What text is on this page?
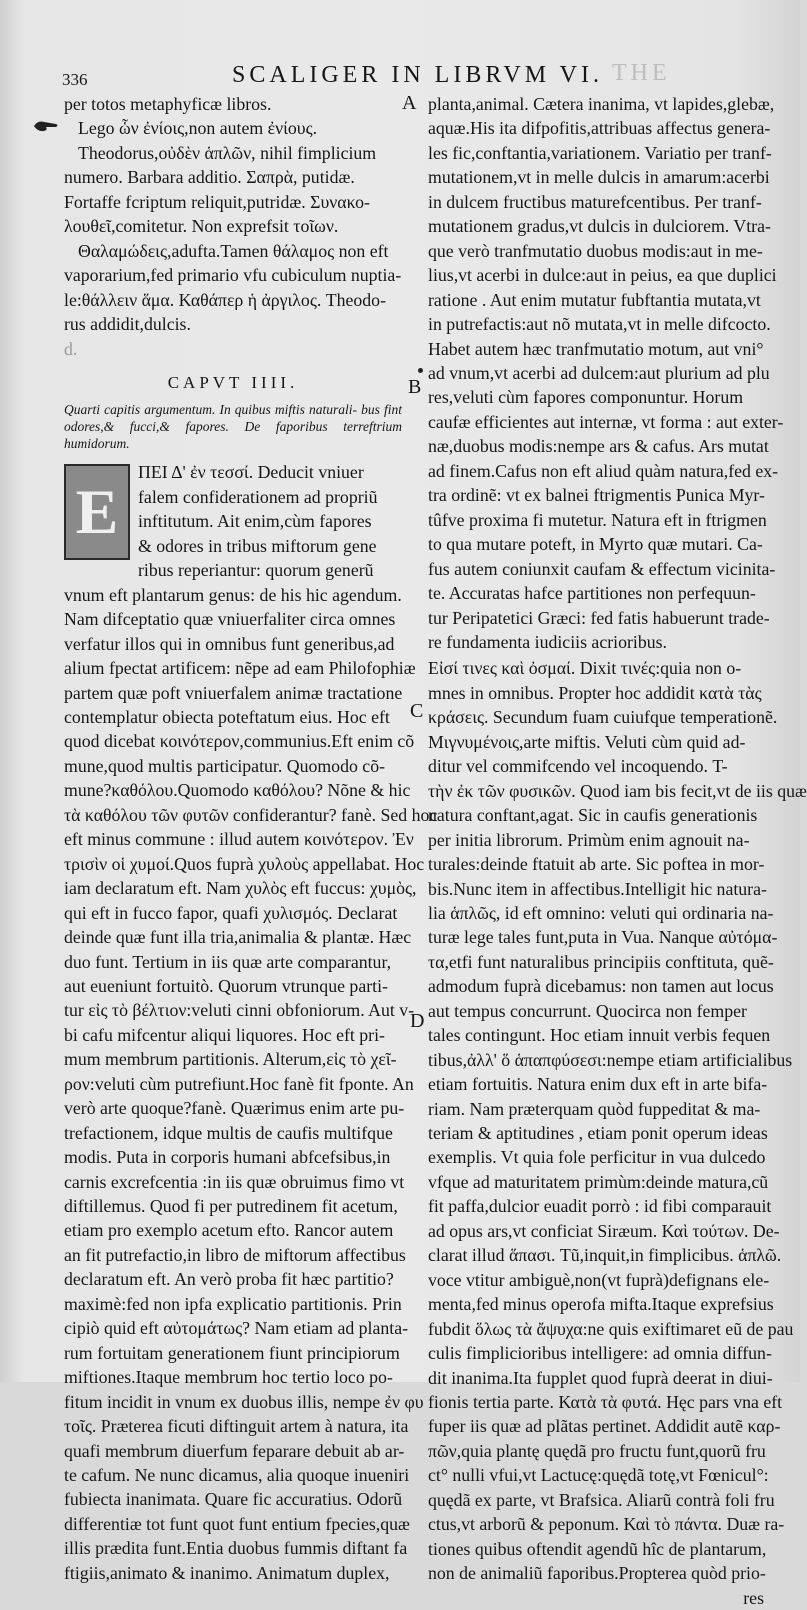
336	SCALIGER IN LIBRVM VI. THE
A
B
C
D

per totos metaphyficæ libros.

Lego ὧν ἐνίοις,non autem ἐνίους.

Theodorus,οὐδὲν ἁπλῶν, nihil fimplicium

numero. Barbara additio. Σαπρὰ, putidæ.

Fortaffe fcriptum reliquit,putridæ. Συνακο-

λουθεῖ,comitetur. Non exprefsit τοῖων.

Θαλαμώδεις,adufta.Tamen θάλαμος non eft

vaporarium,fed primario vfu cubiculum nuptia-

le:θάλλειν ἅμα. Καθάπερ ἡ ἀργιλος. Theodo-

rus addidit,dulcis.

d.

CAPVT IIII.
Quarti capitis argumentum. In quibus miftis naturali- bus fint odores,& fucci,& fapores. De faporibus terreftrium humidorum.
E

ΠΕΙ Δ' ἐν τεσσί. Deducit vniuer

falem confiderationem ad propriũ

inftitutum. Ait enim,cùm fapores

& odores in tribus miftorum gene

ribus reperiantur: quorum generũ

vnum eft plantarum genus: de his hic agendum.

Nam difceptatio quæ vniuerfaliter circa omnes

verfatur illos qui in omnibus funt generibus,ad

alium fpectat artificem: nẽpe ad eam Philofophiæ

partem quæ poft vniuerfalem animæ tractatione

contemplatur obiecta poteftatum eius. Hoc eft

quod dicebat κοινότερον,communius.Eft enim cõ

mune,quod multis participatur. Quomodo cõ-

mune?καθόλου.Quomodo καθόλου? Nõne & hic

τὰ καθόλου τῶν φυτῶν confiderantur? fanè. Sed hoc

eft minus commune : illud autem κοινότερον. Ἐν

τρισὶν οἱ χυμοί.Quos fuprà χυλοὺς appellabat. Hoc

iam declaratum eft. Nam χυλὸς eft fuccus: χυμὸς,

qui eft in fucco fapor, quafi χυλισμός. Declarat

deinde quæ funt illa tria,animalia & plantæ. Hæc

duo funt. Tertium in iis quæ arte comparantur,

aut eueniunt fortuitò. Quorum vtrunque parti-

tur εἰς τὸ βέλτιον:veluti cinni obfoniorum. Aut v-

bi cafu mifcentur aliqui liquores. Hoc eft pri-

mum membrum partitionis. Alterum,εἰς τὸ χεῖ-

ρον:veluti cùm putrefiunt.Hoc fanè fit fponte. An

verò arte quoque?fanè. Quærimus enim arte pu-

trefactionem, idque multis de caufis multifque

modis. Puta in corporis humani abfcefsibus,in

carnis excrefcentia :in iis quæ obruimus fimo vt

diftillemus. Quod fi per putredinem fit acetum,

etiam pro exemplo acetum efto. Rancor autem

an fit putrefactio,in libro de miftorum affectibus

declaratum eft. An verò proba fit hæc partitio?

maximè:fed non ipfa explicatio partitionis. Prin

cipiò quid eft αὐτομάτως? Nam etiam ad planta-

rum fortuitam generationem fiunt principiorum

miftiones.Itaque membrum hoc tertio loco po-

fitum incidit in vnum ex duobus illis, nempe ἐν φυ

τοῖς. Præterea ficuti diftinguit artem à natura, ita

quafi membrum diuerfum feparare debuit ab ar-

te cafum. Ne nunc dicamus, alia quoque inueniri

fubiecta inanimata. Quare fic accuratius. Odorũ

differentiæ tot funt quot funt entium fpecies,quæ

illis prædita funt.Entia duobus fummis diftant fa

ftigiis,animato & inanimo. Animatum duplex,

planta,animal. Cætera inanima, vt lapides,glebæ,

aquæ.His ita difpofitis,attribuas affectus genera-

les fic,conftantia,variationem. Variatio per tranf-

mutationem,vt in melle dulcis in amarum:acerbi

in dulcem fructibus maturefcentibus. Per tranf-

mutationem gradus,vt dulcis in dulciorem. Vtra-

que verò tranfmutatio duobus modis:aut in me-

lius,vt acerbi in dulce:aut in peius, ea que duplici

ratione . Aut enim mutatur fubftantia mutata,vt

in putrefactis:aut nõ mutata,vt in melle difcocto.

Habet autem hæc tranfmutatio motum, aut vni°

ad vnum,vt acerbi ad dulcem:aut plurium ad plu

res,veluti cùm fapores componuntur. Horum

caufæ efficientes aut internæ, vt forma : aut exter-

næ,duobus modis:nempe ars & cafus. Ars mutat

ad finem.Cafus non eft aliud quàm natura,fed ex-

tra ordinẽ: vt ex balnei ftrigmentis Punica Myr-

tûfve proxima fi mutetur. Natura eft in ftrigmen

to qua mutare poteft, in Myrto quæ mutari. Ca-

fus autem coniunxit caufam & effectum vicinita-

te. Accuratas hafce partitiones non perfequun-

tur Peripatetici Græci: fed fatis habuerunt trade-

re fundamenta iudiciis acrioribus.

Εἰσί τινες καὶ ὀσμαί. Dixit τινές:quia non o-

mnes in omnibus. Propter hoc addidit κατὰ τὰς

κράσεις. Secundum fuam cuiufque temperationẽ.

Μιγνυμένοις,arte miftis. Veluti cùm quid ad-

ditur vel commifcendo vel incoquendo. Τ-

τὴν ἐκ τῶν φυσικῶν. Quod iam bis fecit,vt de iis quæ

natura conftant,agat. Sic in caufis generationis

per initia librorum. Primùm enim agnouit na-

turales:deinde ftatuit ab arte. Sic poftea in mor-

bis.Nunc item in affectibus.Intelligit hic natura-

lia ἁπλῶς, id eft omnino: veluti qui ordinaria na-

turæ lege tales funt,puta in Vua. Nanque αὐτόμα-

τα,etfi funt naturalibus principiis conftituta, quẽ-

admodum fuprà dicebamus: non tamen aut locus

aut tempus concurrunt. Quocirca non femper

tales contingunt. Hoc etiam innuit verbis fequen

tibus,ἀλλ' ὅ ἁπαπφύσεσι:nempe etiam artificialibus

etiam fortuitis. Natura enim dux eft in arte bifa-

riam. Nam præterquam quòd fuppeditat & ma-

teriam & aptitudines , etiam ponit operum ideas

exemplis. Vt quia fole perficitur in vua dulcedo

vfque ad maturitatem primùm:deinde matura,cũ

fit paffa,dulcior euadit porrò : id fibi comparauit

ad opus ars,vt conficiat Siræum. Καὶ τούτων. De-

clarat illud ἅπασι. Tũ,inquit,in fimplicibus. ἁπλῶ.

voce vtitur ambiguè,non(vt fuprà)defignans ele-

menta,fed minus operofa mifta.Itaque exprefsius

fubdit ὅλως τὰ ἄψυχα:ne quis exiftimaret eũ de pau

culis fimplicioribus intelligere: ad omnia diffun-

dit inanima.Ita fupplet quod fuprà deerat in diui-

fionis tertia parte. Κατὰ τὰ φυτά. Hęc pars vna eft

fuper iis quæ ad plãtas pertinet. Addidit autẽ καρ-

πῶν,quia plantę quędã pro fructu funt,quorũ fru

ct° nulli vfui,vt Lactucę:quędã totę,vt Fœnicul°:

quędã ex parte, vt Brafsica. Aliarũ contrà foli fru

ctus,vt arborũ & peponum. Καὶ τὸ πάντα. Duæ ra-

tiones quibus oftendit agendũ hîc de plantarum,

non de animaliũ faporibus.Propterea quòd prio-

res
